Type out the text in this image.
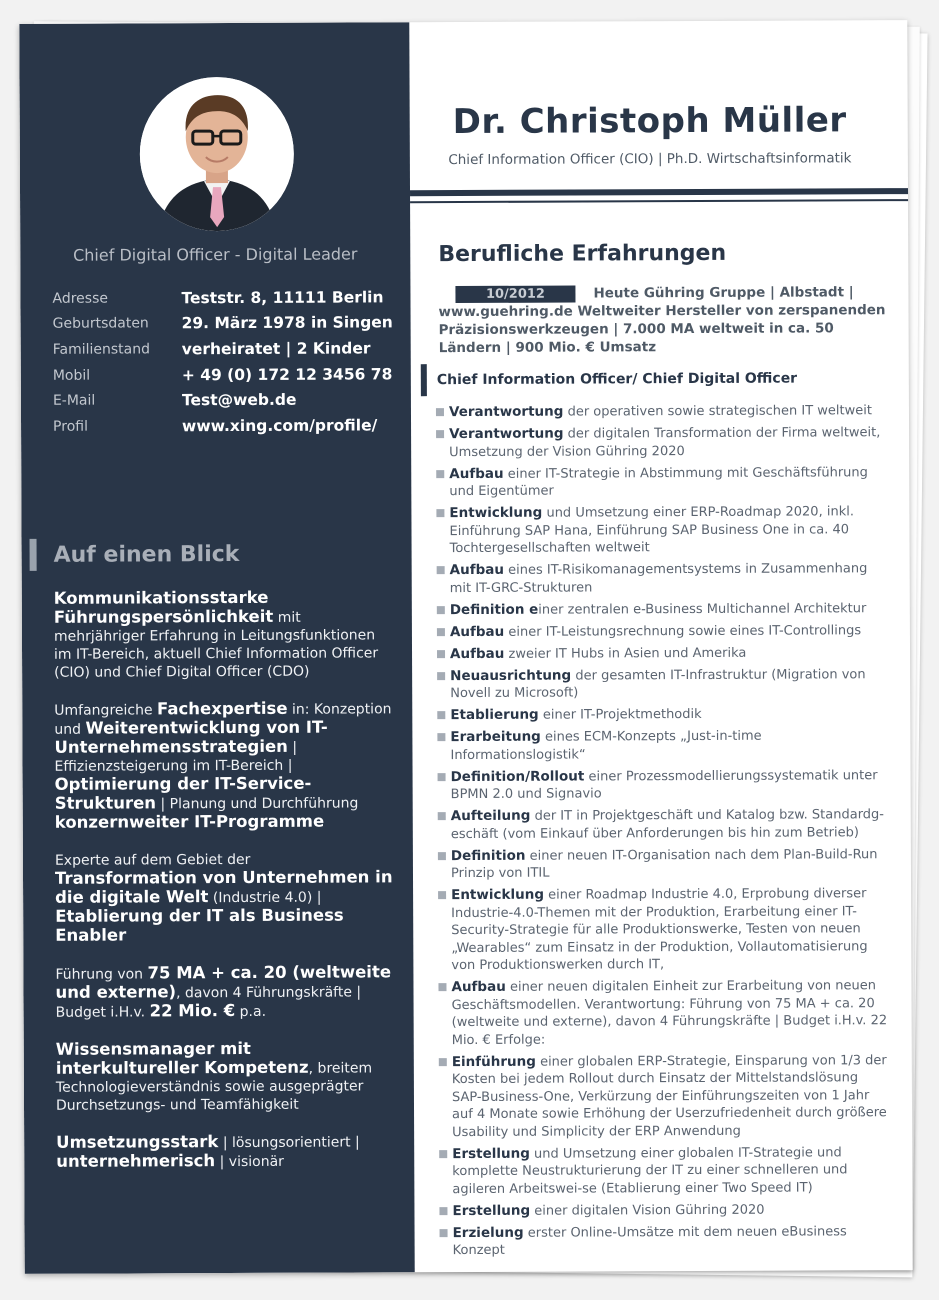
Chief Digital Officer - Digital Leader
Adresse	Teststr. 8, 11111 Berlin
Geburtsdaten	29. März 1978 in Singen
Familienstand	verheiratet | 2 Kinder
Mobil	+ 49 (0) 172 12 3456 78
E-Mail	Test@web.de
Profil	www.xing.com/profile/
Auf einen Blick

Kommunikationsstarke Führungspersönlichkeit mit mehrjähriger Erfahrung in Leitungsfunktionen im IT-Bereich, aktuell Chief Information Officer (CIO) und Chief Digital Officer (CDO)

Umfangreiche Fachexpertise in: Konzeption und Weiterentwicklung von IT-Unternehmensstrategien | Effizienzsteigerung im IT-Bereich | Optimierung der IT-Service-Strukturen | Planung und Durchführung konzernweiter IT-Programme

Experte auf dem Gebiet der Transformation von Unternehmen in die digitale Welt (Industrie 4.0) | Etablierung der IT als Business Enabler

Führung von 75 MA + ca. 20 (weltweite und externe), davon 4 Führungskräfte | Budget i.H.v. 22 Mio. € p.a.

Wissensmanager mit interkultureller Kompetenz, breitem Technologieverständnis sowie ausgeprägter Durchsetzungs- und Teamfähigkeit

Umsetzungsstark | lösungsorientiert | unternehmerisch | visionär

Dr. Christoph Müller
Chief Information Officer (CIO) | Ph.D. Wirtschaftsinformatik
Berufliche Erfahrungen
10/2012	Heute Gühring Gruppe | Albstadt | www.guehring.de Weltweiter Hersteller von zerspanenden Präzisionswerkzeugen | 7.000 MA weltweit in ca. 50 Ländern | 900 Mio. € Umsatz
Chief Information Officer/ Chief Digital Officer
Verantwortung der operativen sowie strategischen IT weltweit
Verantwortung der digitalen Transformation der Firma weltweit, Umsetzung der Vision Gühring 2020
Aufbau einer IT-Strategie in Abstimmung mit Geschäftsführung und Eigentümer
Entwicklung und Umsetzung einer ERP-Roadmap 2020, inkl. Einführung SAP Hana, Einführung SAP Business One in ca. 40 Tochtergesellschaften weltweit
Aufbau eines IT-Risikomanagementsystems in Zusammenhang mit IT-GRC-Strukturen
Definition einer zentralen e-Business Multichannel Architektur
Aufbau einer IT-Leistungsrechnung sowie eines IT-Controllings
Aufbau zweier IT Hubs in Asien und Amerika
Neuausrichtung der gesamten IT-Infrastruktur (Migration von Novell zu Microsoft)
Etablierung einer IT-Projektmethodik
Erarbeitung eines ECM-Konzepts „Just-in-time Informationslogistik“
Definition/Rollout einer Prozessmodellierungssystematik unter BPMN 2.0 und Signavio
Aufteilung der IT in Projektgeschäft und Katalog bzw. Standardg-eschäft (vom Einkauf über Anforderungen bis hin zum Betrieb)
Definition einer neuen IT-Organisation nach dem Plan-Build-Run Prinzip von ITIL
Entwicklung einer Roadmap Industrie 4.0, Erprobung diverser Industrie-4.0-Themen mit der Produktion, Erarbeitung einer IT-Security-Strategie für alle Produktionswerke, Testen von neuen „Wearables“ zum Einsatz in der Produktion, Vollautomatisierung von Produktionswerken durch IT,
Aufbau einer neuen digitalen Einheit zur Erarbeitung von neuen Geschäftsmodellen. Verantwortung: Führung von 75 MA + ca. 20 (weltweite und externe), davon 4 Führungskräfte | Budget i.H.v. 22 Mio. € Erfolge:
Einführung einer globalen ERP-Strategie, Einsparung von 1/3 der Kosten bei jedem Rollout durch Einsatz der Mittelstandslösung SAP-Business-One, Verkürzung der Einführungszeiten von 1 Jahr auf 4 Monate sowie Erhöhung der Userzufriedenheit durch größere Usability und Simplicity der ERP Anwendung
Erstellung und Umsetzung einer globalen IT-Strategie und komplette Neustrukturierung der IT zu einer schnelleren und agileren Arbeitswei-se (Etablierung einer Two Speed IT)
Erstellung einer digitalen Vision Gühring 2020
Erzielung erster Online-Umsätze mit dem neuen eBusiness Konzept
